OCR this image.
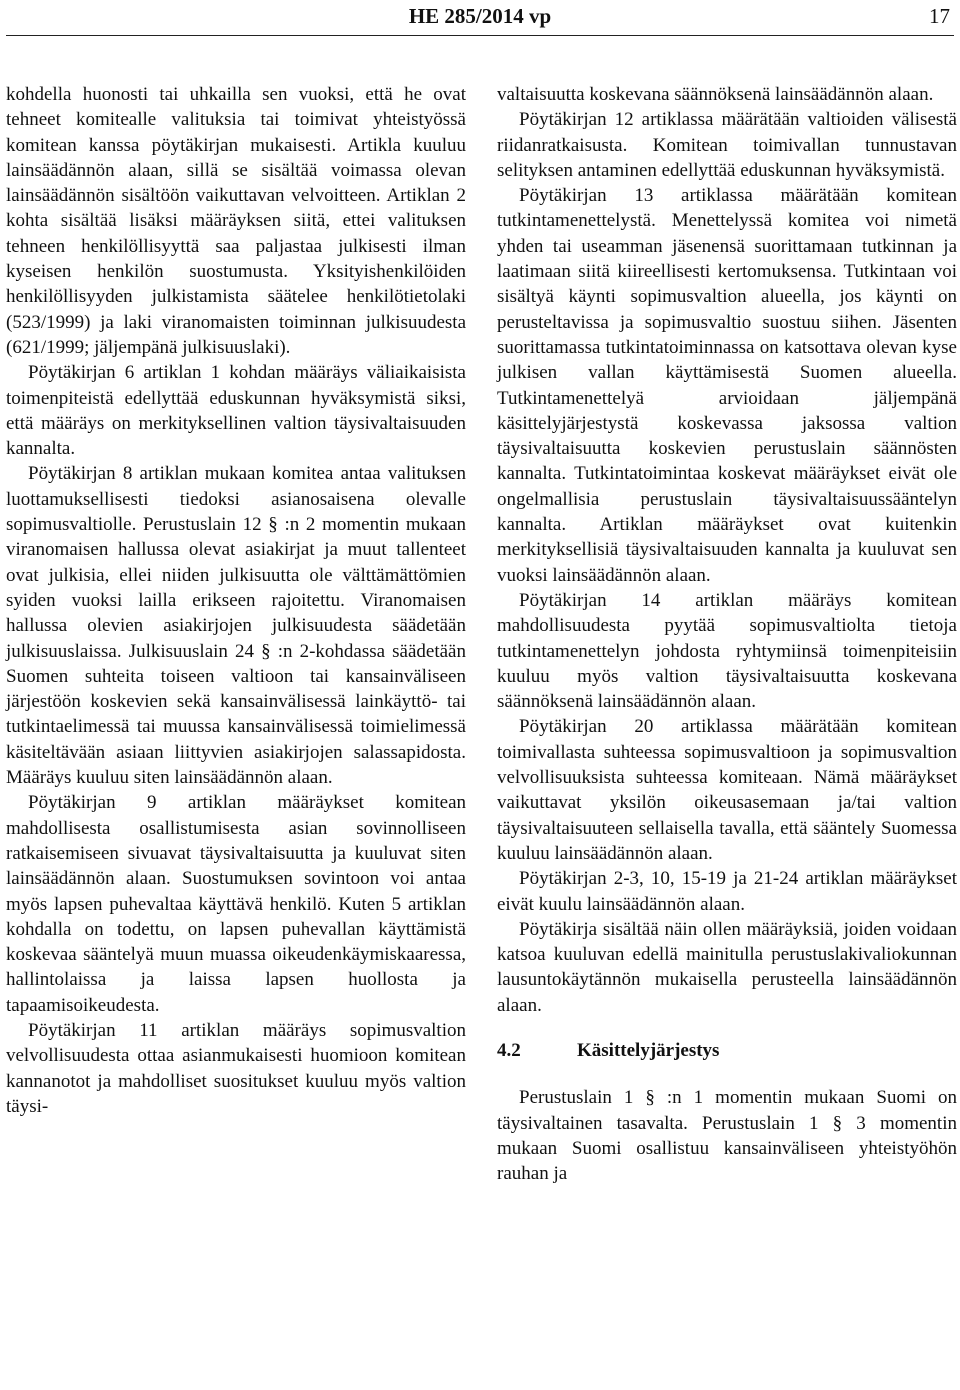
HE 285/2014 vp	17

kohdella huonosti tai uhkailla sen vuoksi, että he ovat tehneet komitealle valituksia tai toimivat yhteistyössä komitean kanssa pöytäkirjan mukaisesti. Artikla kuuluu lainsäädännön alaan, sillä se sisältää voimassa olevan lainsäädännön sisältöön vaikuttavan velvoitteen. Artiklan 2 kohta sisältää lisäksi määräyksen siitä, ettei valituksen tehneen henkilöllisyyttä saa paljastaa julkisesti ilman kyseisen henkilön suostumusta. Yksityishenkilöiden henkilöllisyyden julkistamista säätelee henkilötietolaki (523/1999) ja laki viranomaisten toiminnan julkisuudesta (621/1999; jäljempänä julkisuuslaki).

Pöytäkirjan 6 artiklan 1 kohdan määräys väliaikaisista toimenpiteistä edellyttää eduskunnan hyväksymistä siksi, että määräys on merkityksellinen valtion täysivaltaisuuden kannalta.

Pöytäkirjan 8 artiklan mukaan komitea antaa valituksen luottamuksellisesti tiedoksi asianosaisena olevalle sopimusvaltiolle. Perustuslain 12 § :n 2 momentin mukaan viranomaisen hallussa olevat asiakirjat ja muut tallenteet ovat julkisia, ellei niiden julkisuutta ole välttämättömien syiden vuoksi lailla erikseen rajoitettu. Viranomaisen hallussa olevien asiakirjojen julkisuudesta säädetään julkisuuslaissa. Julkisuuslain 24 § :n 2-kohdassa säädetään Suomen suhteita toiseen valtioon tai kansainväliseen järjestöön koskevien sekä kansainvälisessä lainkäyttö- tai tutkintaelimessä tai muussa kansainvälisessä toimielimessä käsiteltävään asiaan liittyvien asiakirjojen salassapidosta. Määräys kuuluu siten lainsäädännön alaan.

Pöytäkirjan 9 artiklan määräykset komitean mahdollisesta osallistumisesta asian sovinnolliseen ratkaisemiseen sivuavat täysivaltaisuutta ja kuuluvat siten lainsäädännön alaan. Suostumuksen sovintoon voi antaa myös lapsen puhevaltaa käyttävä henkilö. Kuten 5 artiklan kohdalla on todettu, on lapsen puhevallan käyttämistä koskevaa sääntelyä muun muassa oikeudenkäymiskaaressa, hallintolaissa ja laissa lapsen huollosta ja tapaamisoikeudesta.

Pöytäkirjan 11 artiklan määräys sopimusvaltion velvollisuudesta ottaa asianmukaisesti huomioon komitean kannanotot ja mahdolliset suositukset kuuluu myös valtion täysi-

valtaisuutta koskevana säännöksenä lainsäädännön alaan.

Pöytäkirjan 12 artiklassa määrätään valtioiden välisestä riidanratkaisusta. Komitean toimivallan tunnustavan selityksen antaminen edellyttää eduskunnan hyväksymistä.

Pöytäkirjan 13 artiklassa määrätään komitean tutkintamenettelystä. Menettelyssä komitea voi nimetä yhden tai useamman jäsenensä suorittamaan tutkinnan ja laatimaan siitä kiireellisesti kertomuksensa. Tutkintaan voi sisältyä käynti sopimusvaltion alueella, jos käynti on perusteltavissa ja sopimusvaltio suostuu siihen. Jäsenten suorittamassa tutkintatoiminnassa on katsottava olevan kyse julkisen vallan käyttämisestä Suomen alueella. Tutkintamenettelyä arvioidaan jäljempänä käsittelyjärjestystä koskevassa jaksossa valtion täysivaltaisuutta koskevien perustuslain säännösten kannalta. Tutkintatoimintaa koskevat määräykset eivät ole ongelmallisia perustuslain täysivaltaisuussääntelyn kannalta. Artiklan määräykset ovat kuitenkin merkityksellisiä täysivaltaisuuden kannalta ja kuuluvat sen vuoksi lainsäädännön alaan.

Pöytäkirjan 14 artiklan määräys komitean mahdollisuudesta pyytää sopimusvaltiolta tietoja tutkintamenettelyn johdosta ryhtymiinsä toimenpiteisiin kuuluu myös valtion täysivaltaisuutta koskevana säännöksenä lainsäädännön alaan.

Pöytäkirjan 20 artiklassa määrätään komitean toimivallasta suhteessa sopimusvaltioon ja sopimusvaltion velvollisuuksista suhteessa komiteaan. Nämä määräykset vaikuttavat yksilön oikeusasemaan ja/tai valtion täysivaltaisuuteen sellaisella tavalla, että sääntely Suomessa kuuluu lainsäädännön alaan.

Pöytäkirjan 2-3, 10, 15-19 ja 21-24 artiklan määräykset eivät kuulu lainsäädännön alaan.

Pöytäkirja sisältää näin ollen määräyksiä, joiden voidaan katsoa kuuluvan edellä mainitulla perustuslakivaliokunnan lausuntokäytännön mukaisella perusteella lainsäädännön alaan.

4.2	Käsittelyjärjestys

Perustuslain 1 § :n 1 momentin mukaan Suomi on täysivaltainen tasavalta. Perustuslain 1 § 3 momentin mukaan Suomi osallistuu kansainväliseen yhteistyöhön rauhan ja
